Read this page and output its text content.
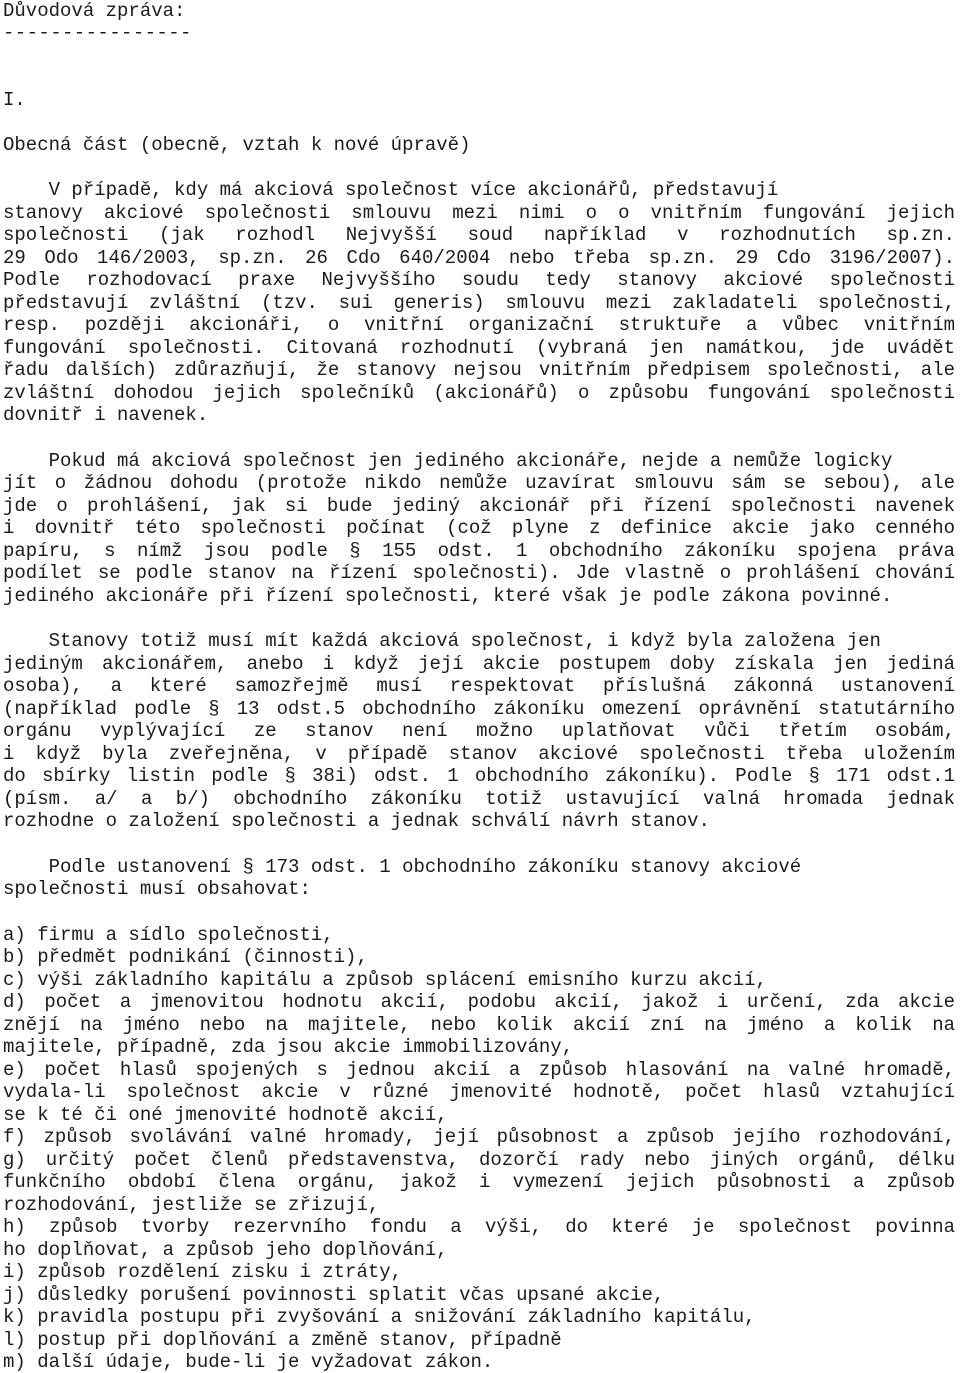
Důvodová zpráva:
----------------
I.
Obecná část (obecně, vztah k nové úpravě)
V případě, kdy má akciová společnost více akcionářů, představují
stanovy akciové společnosti smlouvu mezi nimi o o vnitřním fungování jejich
společnosti (jak rozhodl Nejvyšší soud například v rozhodnutích sp.zn.
29 Odo 146/2003, sp.zn. 26 Cdo 640/2004 nebo třeba sp.zn. 29 Cdo 3196/2007).
Podle rozhodovací praxe Nejvyššího soudu tedy stanovy akciové společnosti
představují zvláštní (tzv. sui generis) smlouvu mezi zakladateli společnosti,
resp. později akcionáři, o vnitřní organizační struktuře a vůbec vnitřním
fungování společnosti. Citovaná rozhodnutí (vybraná jen namátkou, jde uvádět
řadu dalších) zdůrazňují, že stanovy nejsou vnitřním předpisem společnosti, ale
zvláštní dohodou jejich společníků (akcionářů) o způsobu fungování společnosti
dovnitř i navenek.
Pokud má akciová společnost jen jediného akcionáře, nejde a nemůže logicky
jít o žádnou dohodu (protože nikdo nemůže uzavírat smlouvu sám se sebou), ale
jde o prohlášení, jak si bude jediný akcionář při řízení společnosti navenek
i dovnitř této společnosti počínat (což plyne z definice akcie jako cenného
papíru, s nímž jsou podle § 155 odst. 1 obchodního zákoníku spojena práva
podílet se podle stanov na řízení společnosti). Jde vlastně o prohlášení chování
jediného akcionáře při řízení společnosti, které však je podle zákona povinné.
Stanovy totiž musí mít každá akciová společnost, i když byla založena jen
jediným akcionářem, anebo i když její akcie postupem doby získala jen jediná
osoba), a které samozřejmě musí respektovat příslušná zákonná ustanovení
(například podle § 13 odst.5 obchodního zákoníku omezení oprávnění statutárního
orgánu vyplývající ze stanov není možno uplatňovat vůči třetím osobám,
i když byla zveřejněna, v případě stanov akciové společnosti třeba uložením
do sbírky listin podle § 38i) odst. 1 obchodního zákoníku). Podle § 171 odst.1
(písm. a/ a b/) obchodního zákoníku totiž ustavující valná hromada jednak
rozhodne o založení společnosti a jednak schválí návrh stanov.
Podle ustanovení § 173 odst. 1 obchodního zákoníku stanovy akciové
společnosti musí obsahovat:
a) firmu a sídlo společnosti,
b) předmět podnikání (činnosti),
c) výši základního kapitálu a způsob splácení emisního kurzu akcií,
d) počet a jmenovitou hodnotu akcií, podobu akcií, jakož i určení, zda akcie
znějí na jméno nebo na majitele, nebo kolik akcií zní na jméno a kolik na
majitele, případně, zda jsou akcie immobilizovány,
e) počet hlasů spojených s jednou akcií a způsob hlasování na valné hromadě,
vydala-li společnost akcie v různé jmenovité hodnotě, počet hlasů vztahující
se k té či oné jmenovité hodnotě akcií,
f) způsob svolávání valné hromady, její působnost a způsob jejího rozhodování,
g) určitý počet členů představenstva, dozorčí rady nebo jiných orgánů, délku
funkčního období člena orgánu, jakož i vymezení jejich působnosti a způsob
rozhodování, jestliže se zřizují,
h) způsob tvorby rezervního fondu a výši, do které je společnost povinna
ho doplňovat, a způsob jeho doplňování,
i) způsob rozdělení zisku i ztráty,
j) důsledky porušení povinnosti splatit včas upsané akcie,
k) pravidla postupu při zvyšování a snižování základního kapitálu,
l) postup při doplňování a změně stanov, případně
m) další údaje, bude-li je vyžadovat zákon.
